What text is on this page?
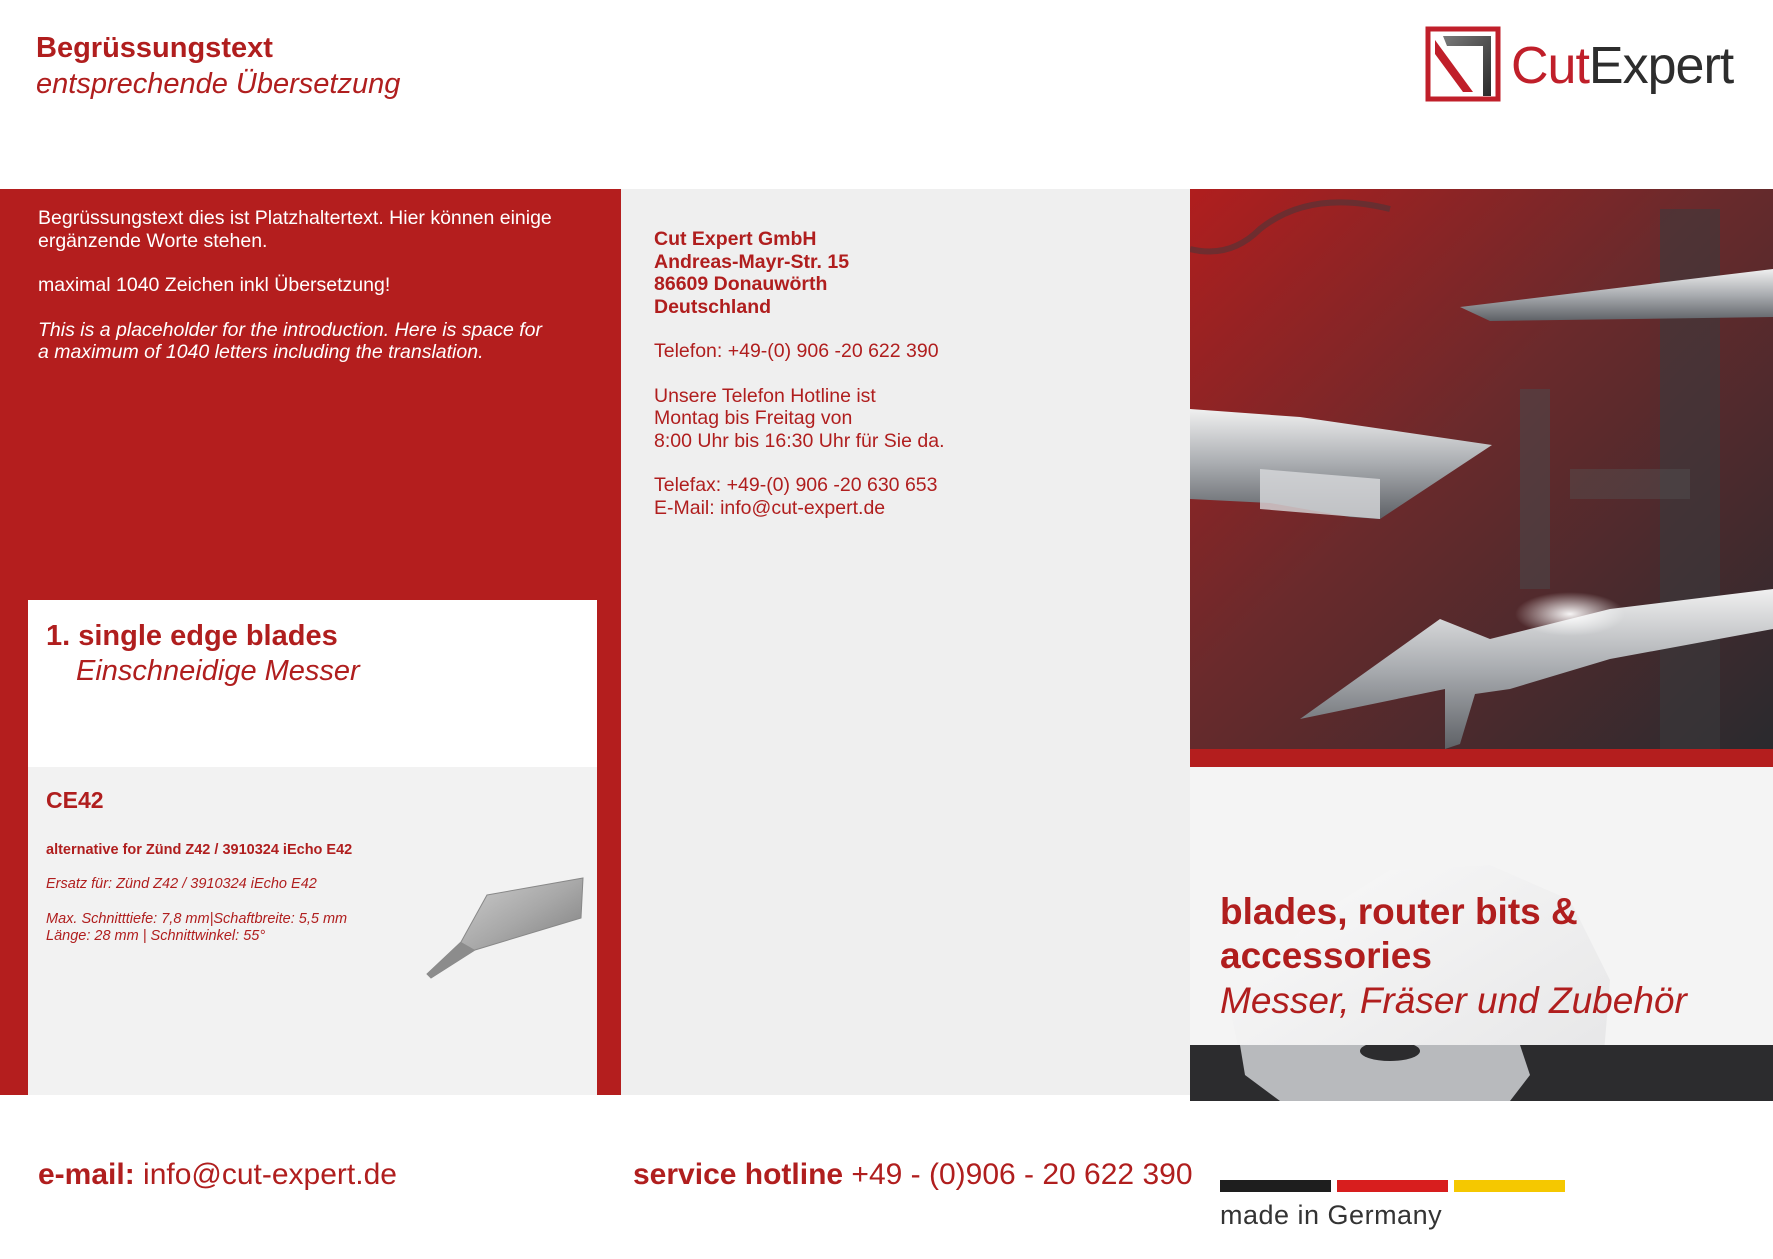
Begrüssungstext
entsprechende Übersetzung	CutExpert

Begrüssungstext dies ist Platzhaltertext. Hier können einige ergänzende Worte stehen.

maximal 1040 Zeichen inkl Übersetzung!

This is a placeholder for the introduction. Here is space for a maximum of 1040 letters including the translation.

1. single edge blades
Einschneidige Messer
CE42
alternative for Zünd Z42 / 3910324 iEcho E42
Ersatz für: Zünd Z42 / 3910324 iEcho E42
Max. Schnitttiefe: 7,8 mm|Schaftbreite: 5,5 mm
Länge: 28 mm | Schnittwinkel: 55°
Cut Expert GmbH
Andreas-Mayr-Str. 15
86609 Donauwörth
Deutschland

Telefon: +49-(0) 906 -20 622 390

Unsere Telefon Hotline ist
Montag bis Freitag von
8:00 Uhr bis 16:30 Uhr für Sie da.

Telefax: +49-(0) 906 -20 630 653
E-Mail: info@cut-expert.de

blades, router bits &
accessories
Messer, Fräser und Zubehör
e-mail: info@cut-expert.de	service hotline +49 - (0)906 - 20 622 390
made in Germany
